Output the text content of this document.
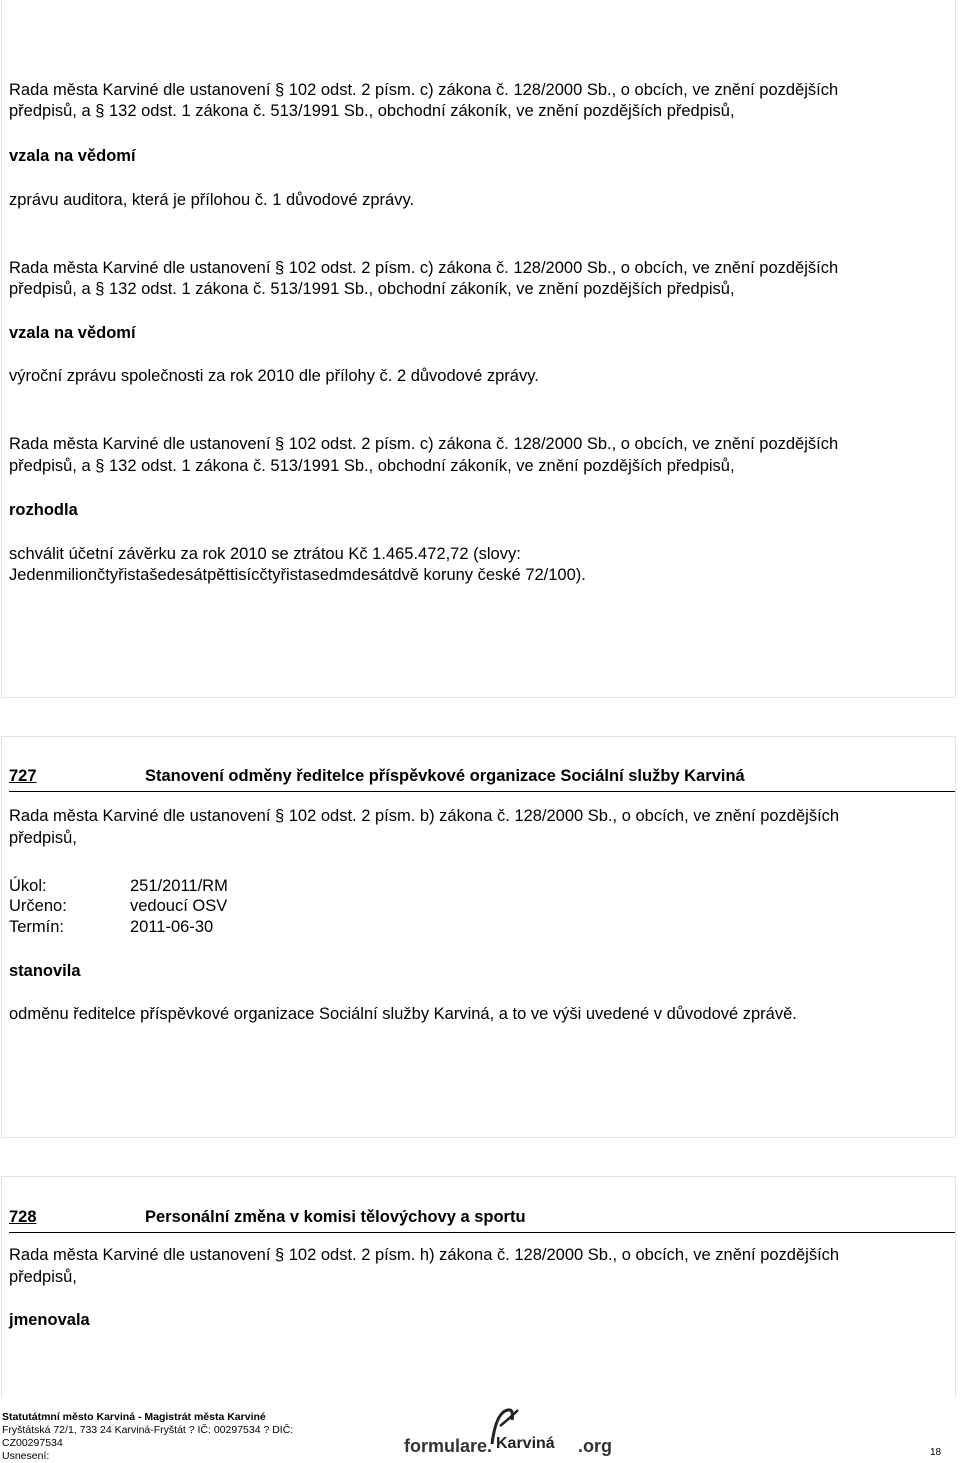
Rada města Karviné dle ustanovení § 102 odst. 2 písm. c) zákona č. 128/2000 Sb., o obcích, ve znění pozdějších
předpisů, a § 132 odst. 1 zákona č. 513/1991 Sb., obchodní zákoník, ve znění pozdějších předpisů,
vzala na vědomí
zprávu auditora, která je přílohou č. 1 důvodové zprávy.
Rada města Karviné dle ustanovení § 102 odst. 2 písm. c) zákona č. 128/2000 Sb., o obcích, ve znění pozdějších
předpisů, a § 132 odst. 1 zákona č. 513/1991 Sb., obchodní zákoník, ve znění pozdějších předpisů,
vzala na vědomí
výroční zprávu společnosti za rok 2010 dle přílohy č. 2 důvodové zprávy.
Rada města Karviné dle ustanovení § 102 odst. 2 písm. c) zákona č. 128/2000 Sb., o obcích, ve znění pozdějších
předpisů, a § 132 odst. 1 zákona č. 513/1991 Sb., obchodní zákoník, ve znění pozdějších předpisů,
rozhodla
schválit účetní závěrku za rok 2010 se ztrátou Kč 1.465.472,72 (slovy:
Jedenmiliončtyřistašedesátpěttisícčtyřistasedmdesátdvě koruny české 72/100).
727	Stanovení odměny ředitelce příspěvkové organizace Sociální služby Karviná
Rada města Karviné dle ustanovení § 102 odst. 2 písm. b) zákona č. 128/2000 Sb., o obcích, ve znění pozdějších
předpisů,
Úkol:	251/2011/RM
Určeno:	vedoucí OSV
Termín:	2011-06-30
stanovila
odměnu ředitelce příspěvkové organizace Sociální služby Karviná, a to ve výši uvedené v důvodové zprávě.
728	Personální změna v komisi tělovýchovy a sportu
Rada města Karviné dle ustanovení § 102 odst. 2 písm. h) zákona č. 128/2000 Sb., o obcích, ve znění pozdějších
předpisů,
jmenovala
Statutátmní město Karviná - Magistrát města Karviné
Fryštátská 72/1, 733 24 Karviná-Fryštát ? IČ: 00297534 ? DIČ:
CZ00297534
Usnesení:	formulare. Karviná .org	18
